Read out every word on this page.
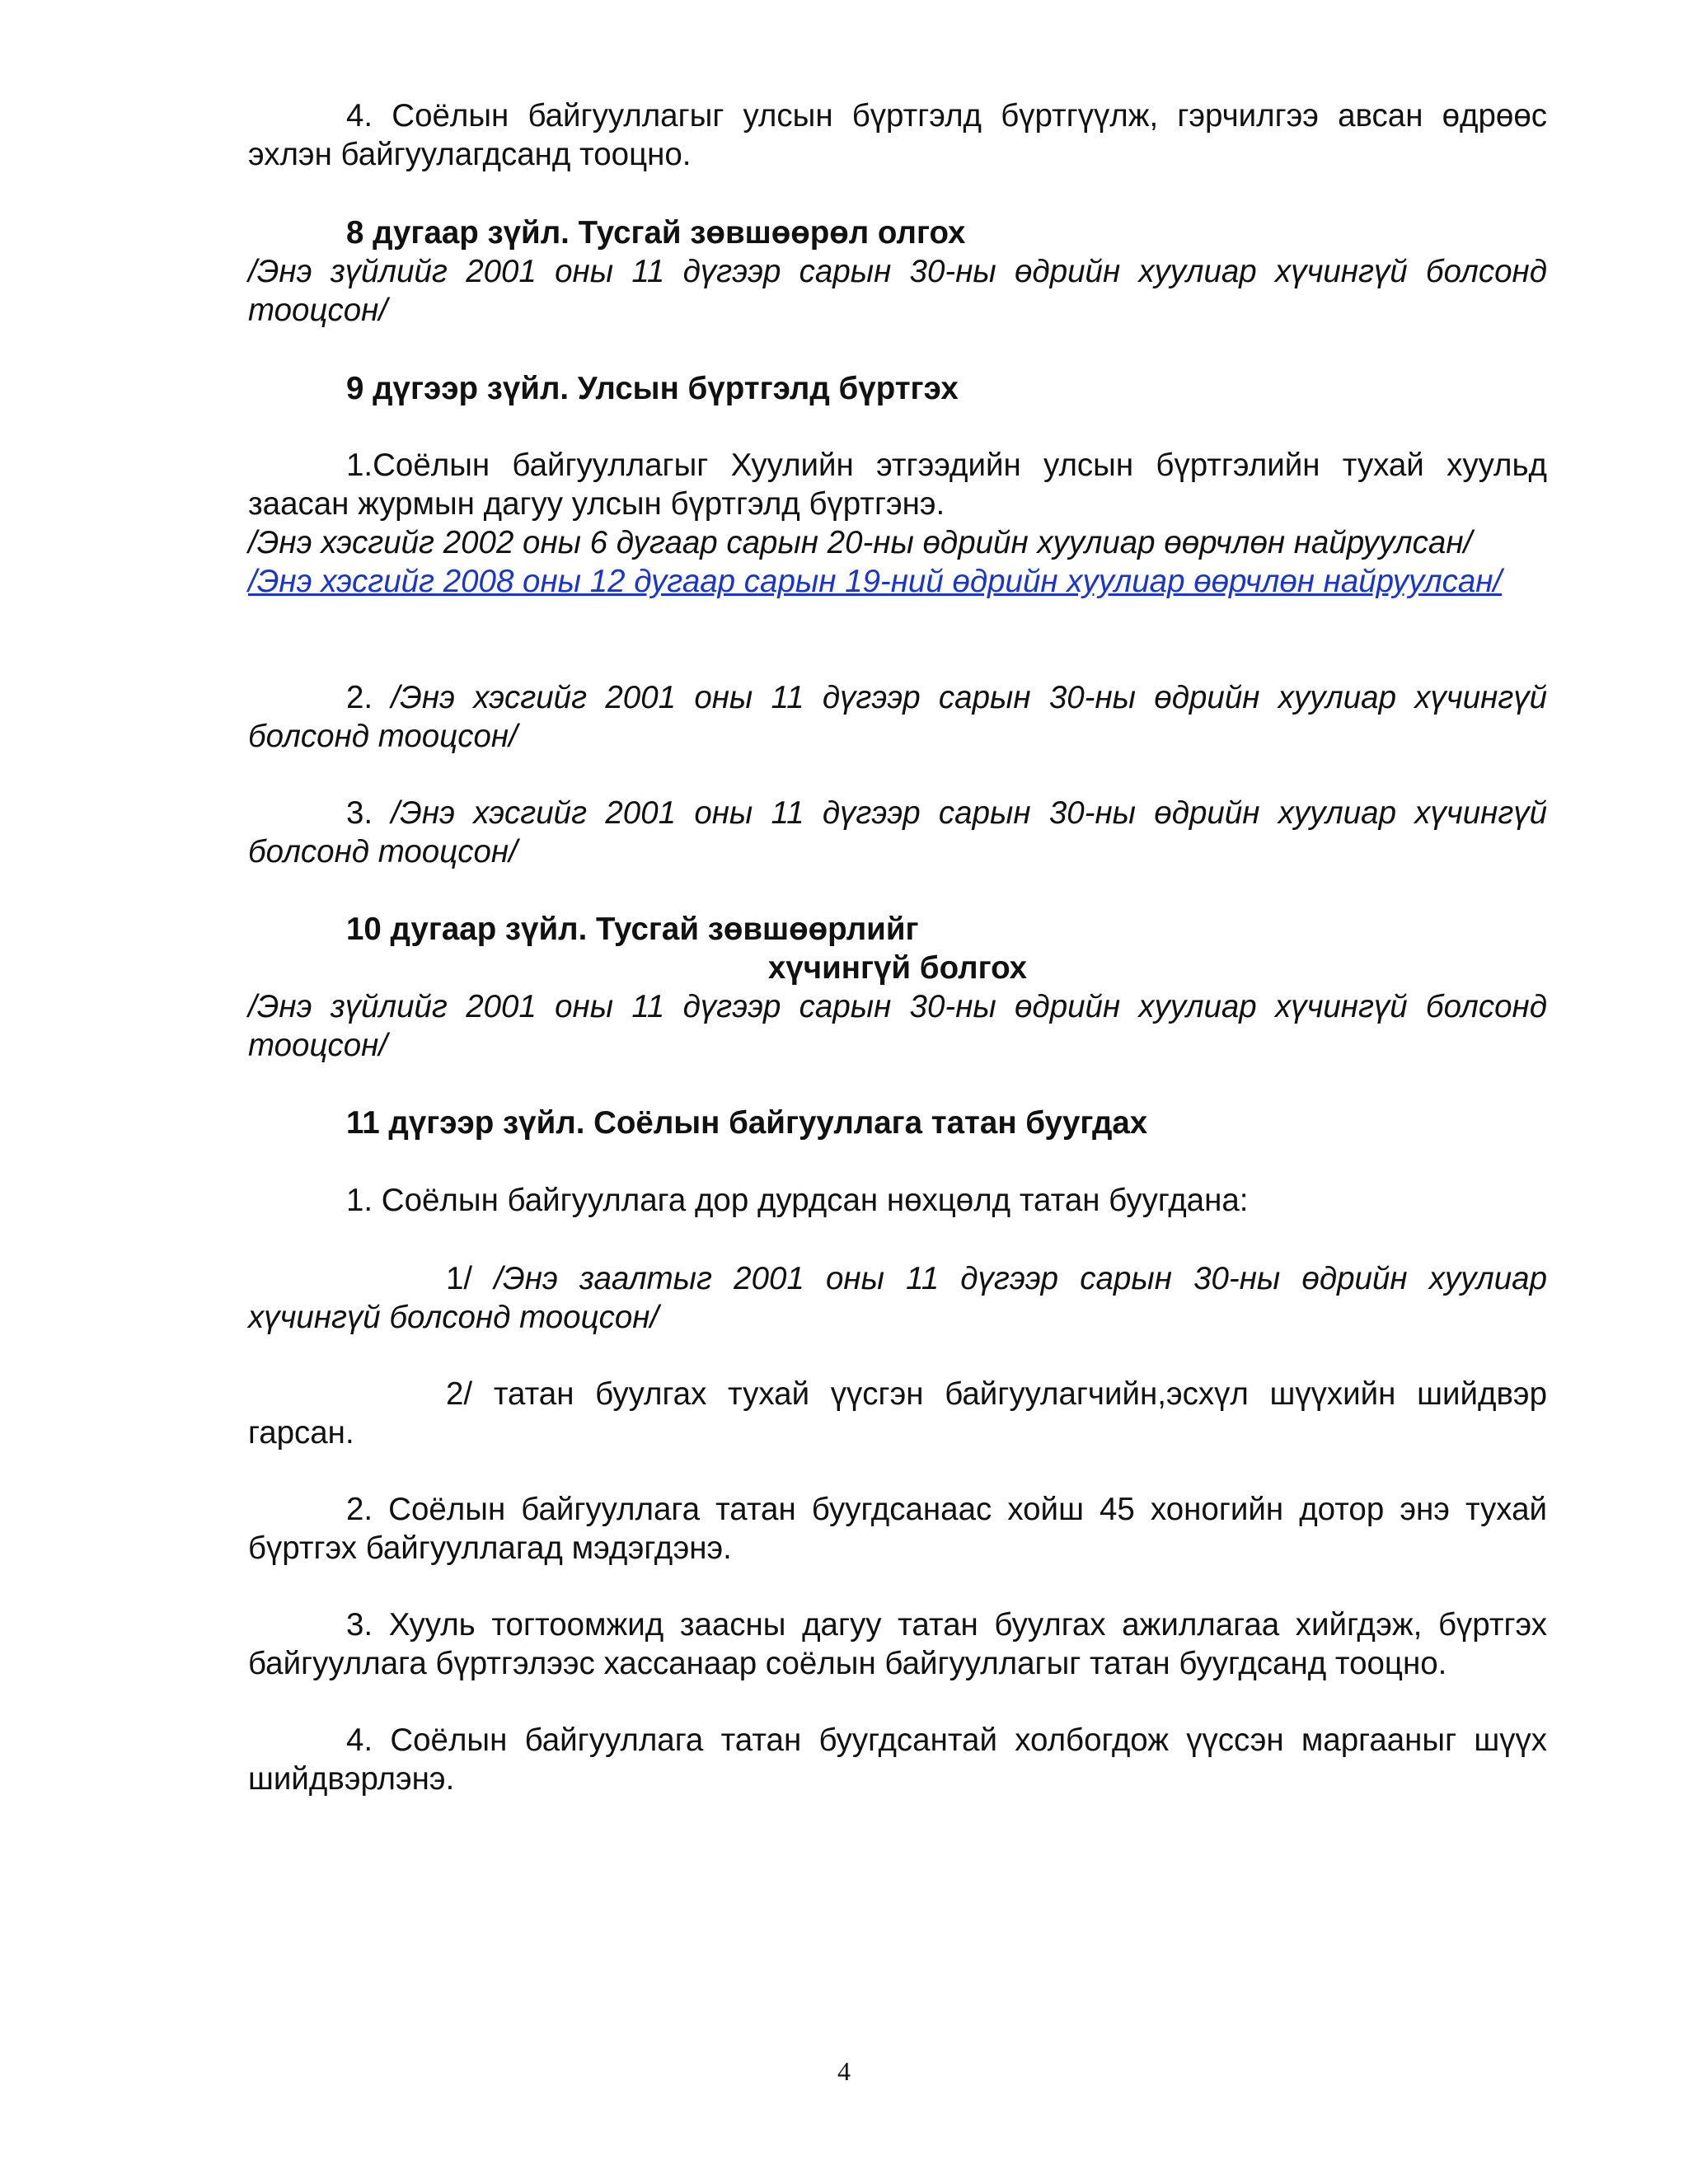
4. Соёлын байгууллагыг улсын бүртгэлд бүртгүүлж, гэрчилгээ авсан өдрөөс эхлэн байгуулагдсанд тооцно.

8 дугаар зүйл. Тусгай зөвшөөрөл олгох

/Энэ зүйлийг 2001 оны 11 дүгээр сарын 30-ны өдрийн хуулиар хүчингүй болсонд тооцсон/

9 дүгээр зүйл. Улсын бүртгэлд бүртгэх

1.Соёлын байгууллагыг Хуулийн этгээдийн улсын бүртгэлийн тухай хуульд заасан журмын дагуу улсын бүртгэлд бүртгэнэ.

/Энэ хэсгийг 2002 оны 6 дугаар сарын 20-ны өдрийн хуулиар өөрчлөн найруулсан/

/Энэ хэсгийг 2008 оны 12 дугаар сарын 19-ний өдрийн хуулиар өөрчлөн найруулсан/

2. /Энэ хэсгийг 2001 оны 11 дүгээр сарын 30-ны өдрийн хуулиар хүчингүй болсонд тооцсон/

3. /Энэ хэсгийг 2001 оны 11 дүгээр сарын 30-ны өдрийн хуулиар хүчингүй болсонд тооцсон/

10 дугаар зүйл. Тусгай зөвшөөрлийг

хүчингүй болгох

/Энэ зүйлийг 2001 оны 11 дүгээр сарын 30-ны өдрийн хуулиар хүчингүй болсонд тооцсон/

11 дүгээр зүйл. Соёлын байгууллага татан буугдах

1. Соёлын байгууллага дор дурдсан нөхцөлд татан буугдана:

1/ /Энэ заалтыг 2001 оны 11 дүгээр сарын 30-ны өдрийн хуулиар хүчингүй болсонд тооцсон/

2/ татан буулгах тухай үүсгэн байгуулагчийн,эсхүл шүүхийн шийдвэр гарсан.

2. Соёлын байгууллага татан буугдсанаас хойш 45 хоногийн дотор энэ тухай бүртгэх байгууллагад мэдэгдэнэ.

3. Хууль тогтоомжид заасны дагуу татан буулгах ажиллагаа хийгдэж, бүртгэх байгууллага бүртгэлээс хассанаар соёлын байгууллагыг татан буугдсанд тооцно.

4. Соёлын байгууллага татан буугдсантай холбогдож үүссэн маргааныг шүүх шийдвэрлэнэ.

4
